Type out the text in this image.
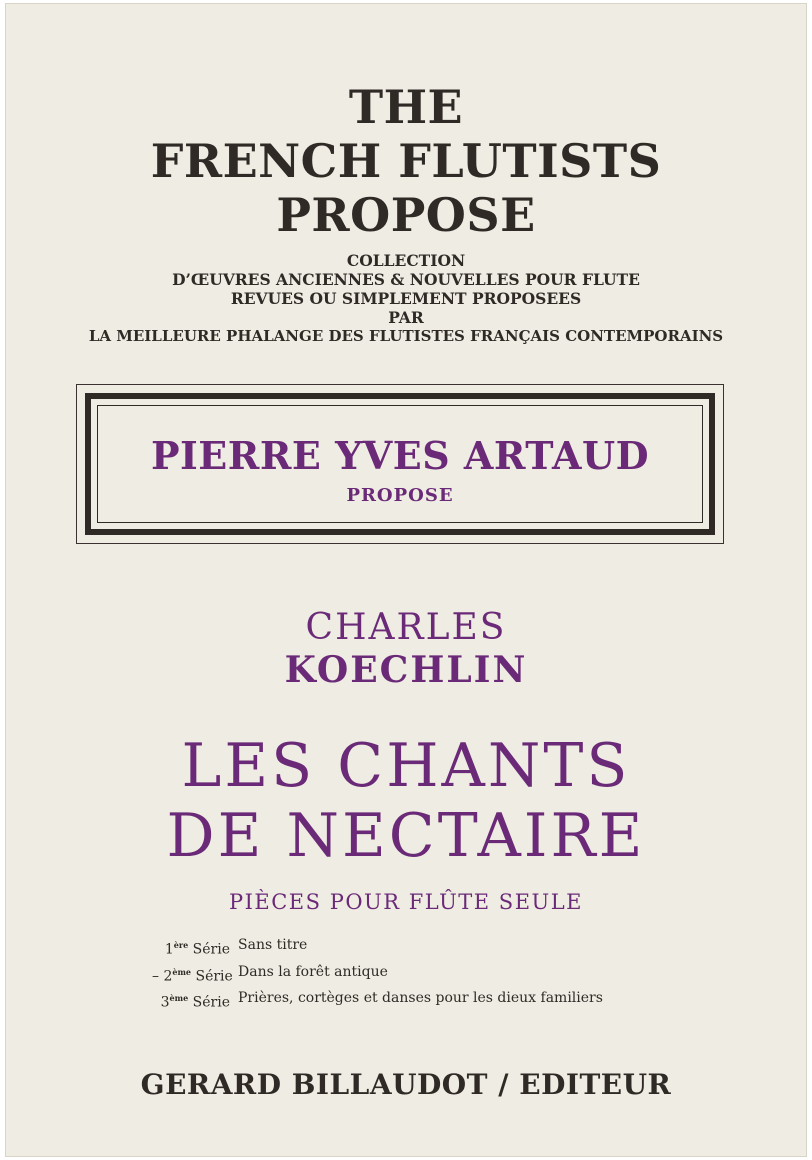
THE
FRENCH FLUTISTS
PROPOSE
COLLECTION
D’ŒUVRES ANCIENNES & NOUVELLES POUR FLUTE
REVUES OU SIMPLEMENT PROPOSEES
PAR
LA MEILLEURE PHALANGE DES FLUTISTES FRANÇAIS CONTEMPORAINS
PIERRE YVES ARTAUD
PROPOSE
CHARLES
KOECHLIN
LES CHANTS
DE NECTAIRE
PIÈCES POUR FLÛTE SEULE
1ère Série Sans titre
– 2ème Série Dans la forêt antique
3ème Série Prières, cortèges et danses pour les dieux familiers
GERARD BILLAUDOT / EDITEUR
